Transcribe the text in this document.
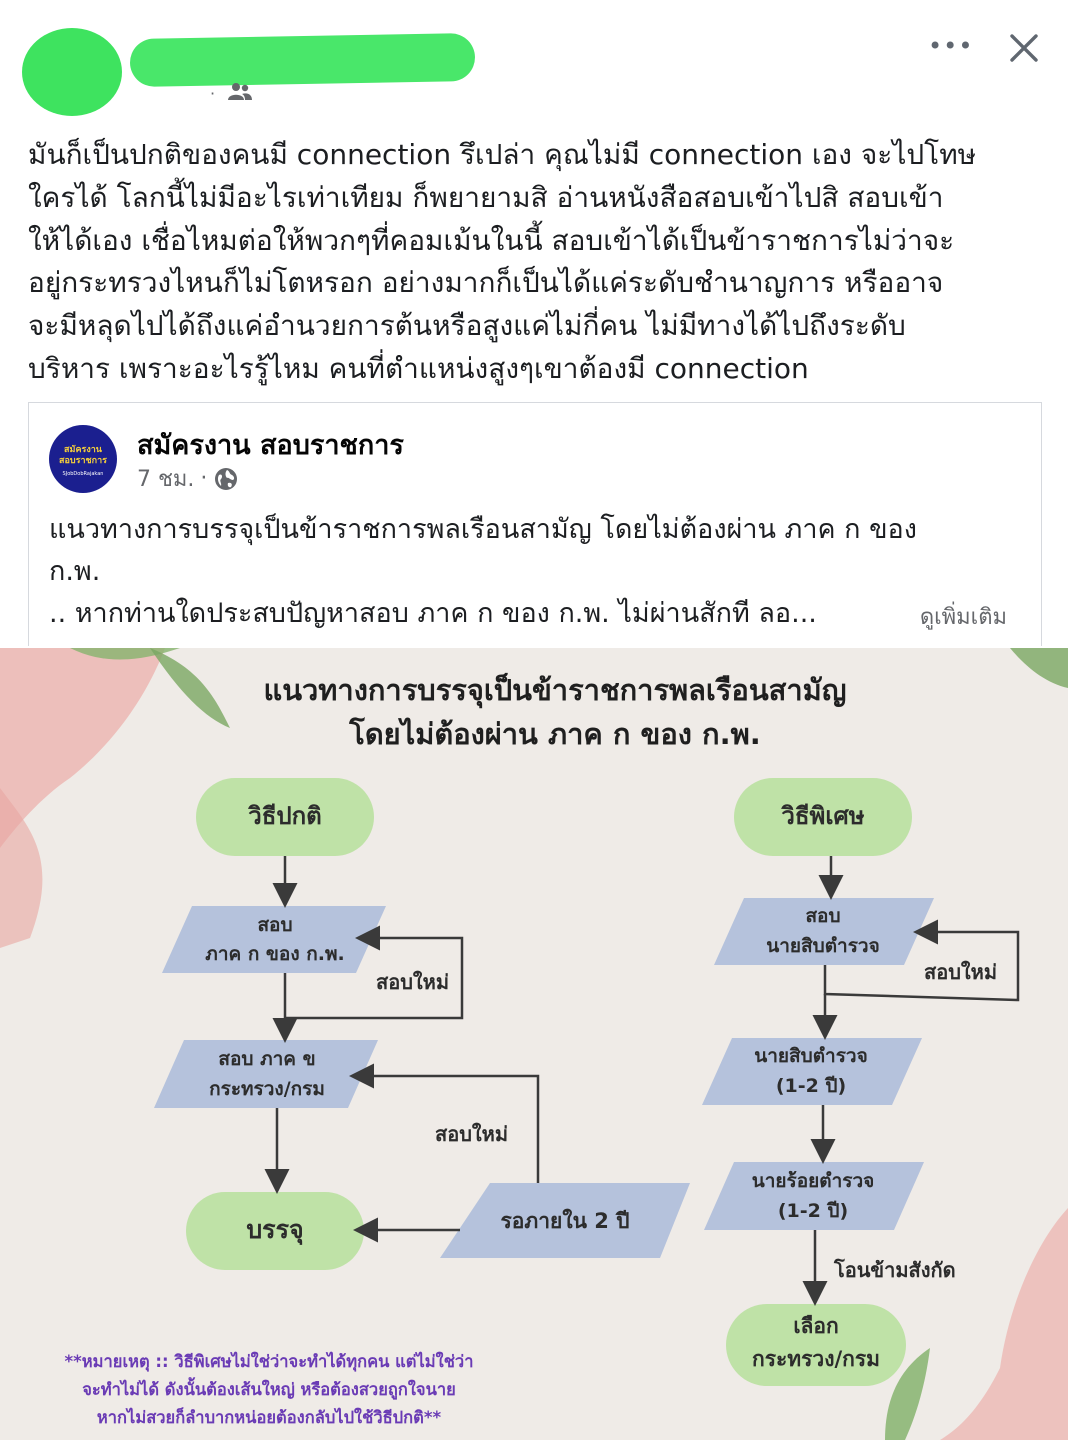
·
•••
มันก็เป็นปกติของคนมี connection รึเปล่า คุณไม่มี connection เอง จะไปโทษ
ใครได้ โลกนี้ไม่มีอะไรเท่าเทียม ก็พยายามสิ อ่านหนังสือสอบเข้าไปสิ สอบเข้า
ให้ได้เอง เชื่อไหมต่อให้พวกๆที่คอมเม้นในนี้ สอบเข้าได้เป็นข้าราชการไม่ว่าจะ
อยู่กระทรวงไหนก็ไม่โตหรอก อย่างมากก็เป็นได้แค่ระดับชำนาญการ หรืออาจ
จะมีหลุดไปได้ถึงแค่อำนวยการต้นหรือสูงแค่ไม่กี่คน ไม่มีทางได้ไปถึงระดับ
บริหาร เพราะอะไรรู้ไหม คนที่ตำแหน่งสูงๆเขาต้องมี connection
สมัครงาน
สอบราชการ
SJobDobRajakan
สมัครงาน สอบราชการ
7 ชม. ·
แนวทางการบรรจุเป็นข้าราชการพลเรือนสามัญ โดยไม่ต้องผ่าน ภาค ก ของ
ก.พ.
.. หากท่านใดประสบปัญหาสอบ ภาค ก ของ ก.พ. ไม่ผ่านสักที ลอ...	ดูเพิ่มเติม
แนวทางการบรรจุเป็นข้าราชการพลเรือนสามัญ
โดยไม่ต้องผ่าน ภาค ก ของ ก.พ.
วิธีปกติ
สอบ
ภาค ก ของ ก.พ.
สอบใหม่
สอบ ภาค ข
กระทรวง/กรม
สอบใหม่
บรรจุ	รอภายใน 2 ปี
วิธีพิเศษ
สอบ
นายสิบตำรวจ
สอบใหม่
นายสิบตำรวจ
(1-2 ปี)
นายร้อยตำรวจ
(1-2 ปี)
โอนข้ามสังกัด
เลือก
กระทรวง/กรม
**หมายเหตุ :: วิธีพิเศษไม่ใช่ว่าจะทำได้ทุกคน แต่ไม่ใช่ว่า
จะทำไม่ได้ ดังนั้นต้องเส้นใหญ่ หรือต้องสวยถูกใจนาย
หากไม่สวยก็ลำบากหน่อยต้องกลับไปใช้วิธีปกติ**
